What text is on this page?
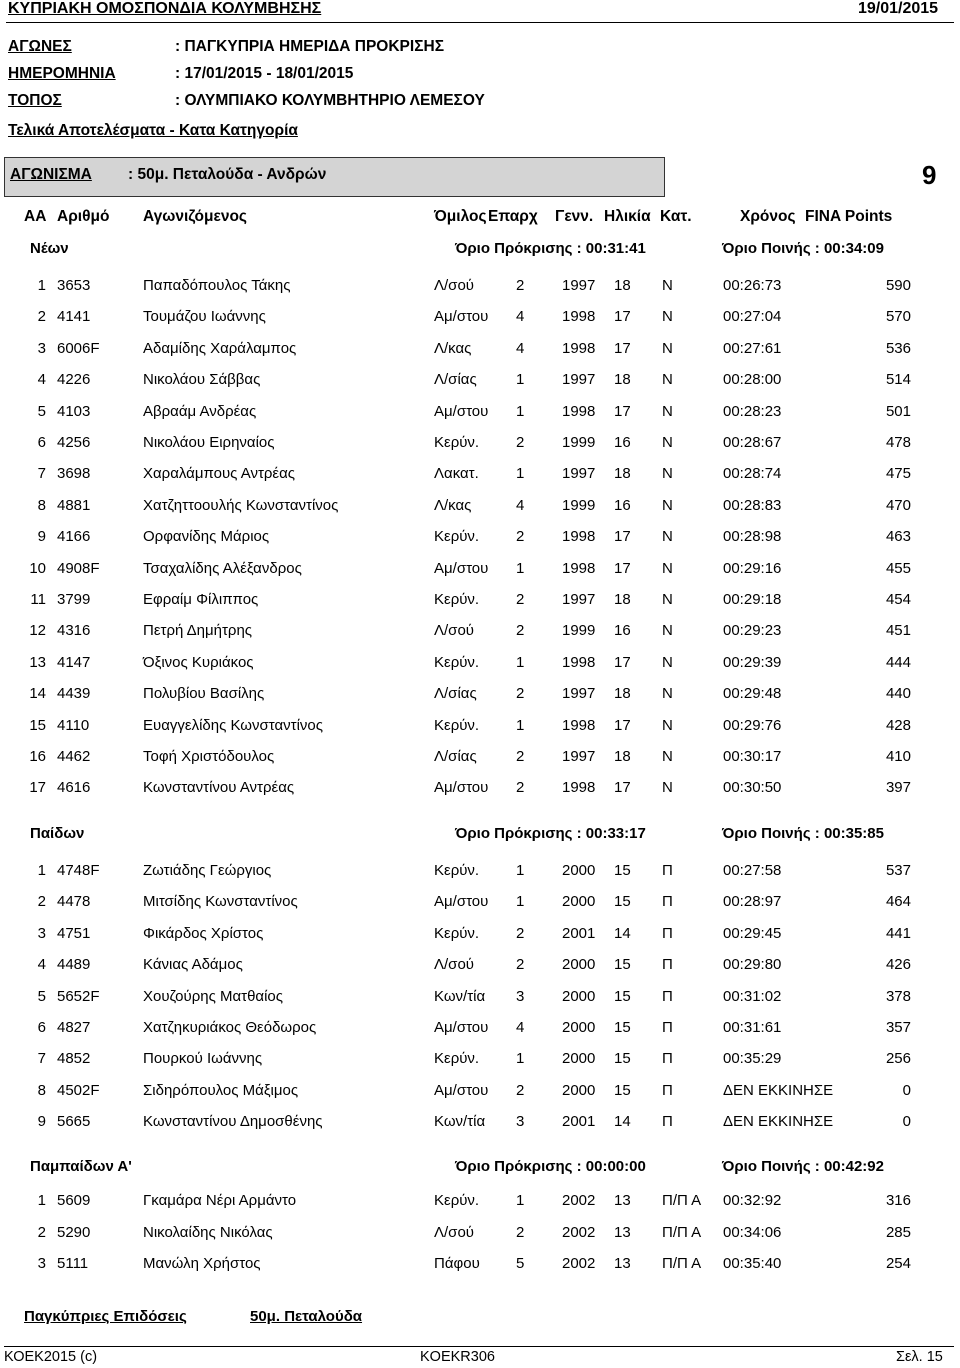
ΚΥΠΡΙΑΚΗ ΟΜΟΣΠΟΝΔΙΑ ΚΟΛΥΜΒΗΣΗΣ	19/01/2015
ΑΓΩΝΕΣ	: ΠΑΓΚΥΠΡΙΑ ΗΜΕΡΙΔΑ ΠΡΟΚΡΙΣΗΣ
ΗΜΕΡΟΜΗΝΙΑ	: 17/01/2015 - 18/01/2015
ΤΟΠΟΣ	: ΟΛΥΜΠΙΑΚΟ ΚΟΛΥΜΒΗΤΗΡΙΟ ΛΕΜΕΣΟΥ
Τελικά Αποτελέσματα - Κατα Κατηγορία
ΑΓΩΝΙΣΜΑ : 50μ. Πεταλούδα - Ανδρών	9
ΑΑ Αριθμό Αγωνιζόμενος	Όμιλος Επαρχ Γενν. Ηλικία Κατ.	Χρόνος FINA Points
Νέων	Όριο Πρόκρισης : 00:31:41	Όριο Ποινής : 00:34:09
1 3653	Παπαδόπουλος Τάκης	Λ/σού	2	1997 18 Ν	00:26:73	590
2 4141	Τουμάζου Ιωάννης	Αμ/στου 4	1998 17 Ν	00:27:04	570
3 6006F	Αδαμίδης Χαράλαμπος	Λ/κας	4	1998 17 Ν	00:27:61	536
4 4226	Νικολάου Σάββας	Λ/σίας	1	1997 18 Ν	00:28:00	514
5 4103	Αβραάμ Ανδρέας	Αμ/στου 1	1998 17 Ν	00:28:23	501
6 4256	Νικολάου Ειρηναίος	Κερύν. 2	1999 16 Ν	00:28:67	478
7 3698	Χαραλάμπους Αντρέας	Λακατ. 1	1997 18 Ν	00:28:74	475
8 4881	Χατζηττοουλής Κωνσταντίνος	Λ/κας	4	1999 16 Ν	00:28:83	470
9 4166	Ορφανίδης Μάριος	Κερύν. 2	1998 17 Ν	00:28:98	463
10 4908F	Τσαχαλίδης Αλέξανδρος	Αμ/στου 1	1998 17 Ν	00:29:16	455
11 3799	Εφραίμ Φίλιππος	Κερύν. 2	1997 18 Ν	00:29:18	454
12 4316	Πετρή Δημήτρης	Λ/σού	2	1999 16 Ν	00:29:23	451
13 4147	Όξινος Κυριάκος	Κερύν. 1	1998 17 Ν	00:29:39	444
14 4439	Πολυβίου Βασίλης	Λ/σίας	2	1997 18 Ν	00:29:48	440
15 4110	Ευαγγελίδης Κωνσταντίνος	Κερύν. 1	1998 17 Ν	00:29:76	428
16 4462	Τοφή Χριστόδουλος	Λ/σίας	2	1997 18 Ν	00:30:17	410
17 4616	Κωνσταντίνου Αντρέας	Αμ/στου 2	1998 17 Ν	00:30:50	397
Παίδων	Όριο Πρόκρισης : 00:33:17	Όριο Ποινής : 00:35:85
1 4748F	Ζωτιάδης Γεώργιος	Κερύν. 1	2000 15 Π	00:27:58	537
2 4478	Μιτσίδης Κωνσταντίνος	Αμ/στου 1	2000 15 Π	00:28:97	464
3 4751	Φικάρδος Χρίστος	Κερύν. 2	2001 14 Π	00:29:45	441
4 4489	Κάνιας Αδάμος	Λ/σού	2	2000 15 Π	00:29:80	426
5 5652F	Χουζούρης Ματθαίος	Κων/τία 3	2000 15 Π	00:31:02	378
6 4827	Χατζηκυριάκος Θεόδωρος	Αμ/στου 4	2000 15 Π	00:31:61	357
7 4852	Πουρκού Ιωάννης	Κερύν. 1	2000 15 Π	00:35:29	256
8 4502F	Σιδηρόπουλος Μάξιμος	Αμ/στου 2	2000 15 Π	ΔΕΝ ΕΚΚΙΝΗΣΕ	0
9 5665	Κωνσταντίνου Δημοσθένης	Κων/τία 3	2001 14 Π	ΔΕΝ ΕΚΚΙΝΗΣΕ	0
Παμπαίδων Α'	Όριο Πρόκρισης : 00:00:00	Όριο Ποινής : 00:42:92
1 5609	Γκαμάρα Νέρι Αρμάντο	Κερύν. 1	2002 13 Π/Π Α 00:32:92	316
2 5290	Νικολαίδης Νικόλας	Λ/σού	2	2002 13 Π/Π Α 00:34:06	285
3 5111	Μανώλη Χρήστος	Πάφου 5	2002 13 Π/Π Α 00:35:40	254
Παγκύπριες Επιδόσεις	50μ. Πεταλούδα
ΚΟΕΚ2015 (c)	KOEKR306	Σελ. 15
